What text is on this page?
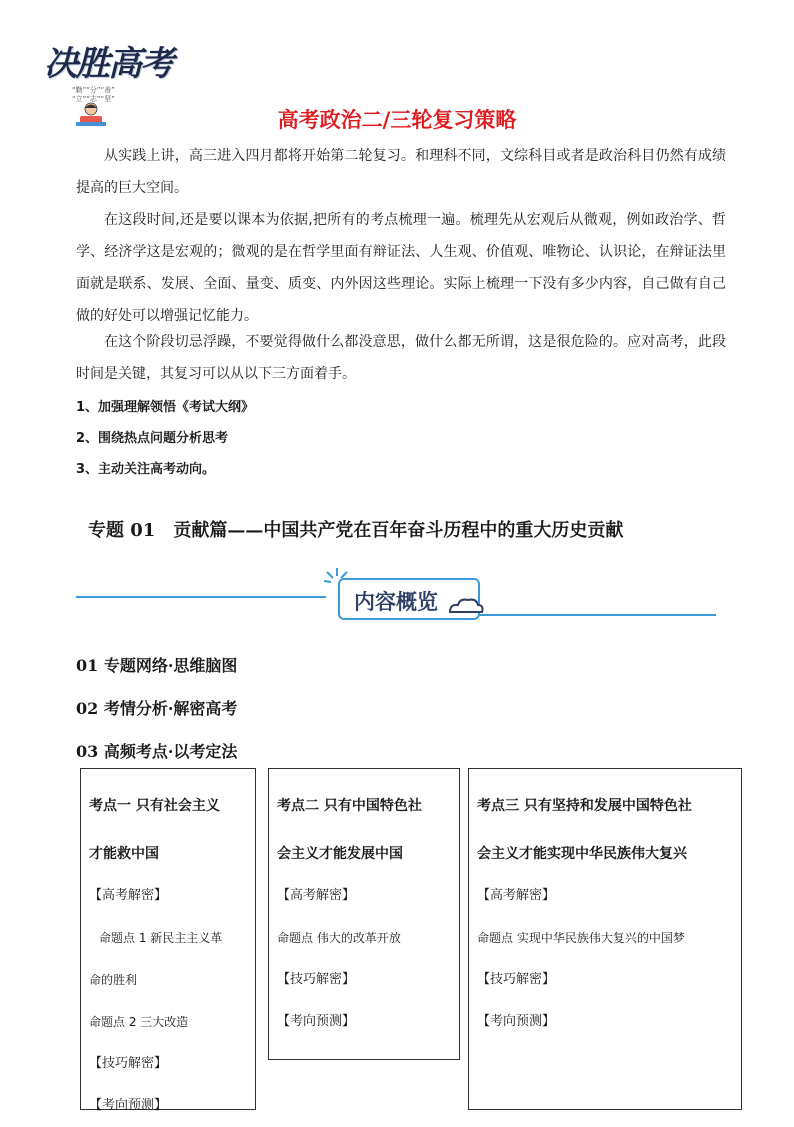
决胜高考
“勤”“分”“善”
“立”“志”“坚”
高考政治二/三轮复习策略

从实践上讲，高三进入四月都将开始第二轮复习。和理科不同，文综科目或者是政治科目仍然有成绩提高的巨大空间。

在这段时间,还是要以课本为依据,把所有的考点梳理一遍。梳理先从宏观后从微观，例如政治学、哲学、经济学这是宏观的；微观的是在哲学里面有辩证法、人生观、价值观、唯物论、认识论，在辩证法里面就是联系、发展、全面、量变、质变、内外因这些理论。实际上梳理一下没有多少内容，自己做有自己做的好处可以增强记忆能力。

在这个阶段切忌浮躁，不要觉得做什么都没意思，做什么都无所谓，这是很危险的。应对高考，此段时间是关键，其复习可以从以下三方面着手。

1、加强理解领悟《考试大纲》
2、围绕热点问题分析思考
3、主动关注高考动向。
专题 01　贡献篇——中国共产党在百年奋斗历程中的重大历史贡献
内容概览
01 专题网络·思维脑图
02 考情分析·解密高考
03 高频考点·以考定法

考点一 只有社会主义

才能救中国

【高考解密】

命题点 1 新民主主义革

命的胜利

命题点 2 三大改造

【技巧解密】

【考向预测】

考点二 只有中国特色社

会主义才能发展中国

【高考解密】

命题点 伟大的改革开放

【技巧解密】

【考向预测】

考点三 只有坚持和发展中国特色社

会主义才能实现中华民族伟大复兴

【高考解密】

命题点 实现中华民族伟大复兴的中国梦

【技巧解密】

【考向预测】
